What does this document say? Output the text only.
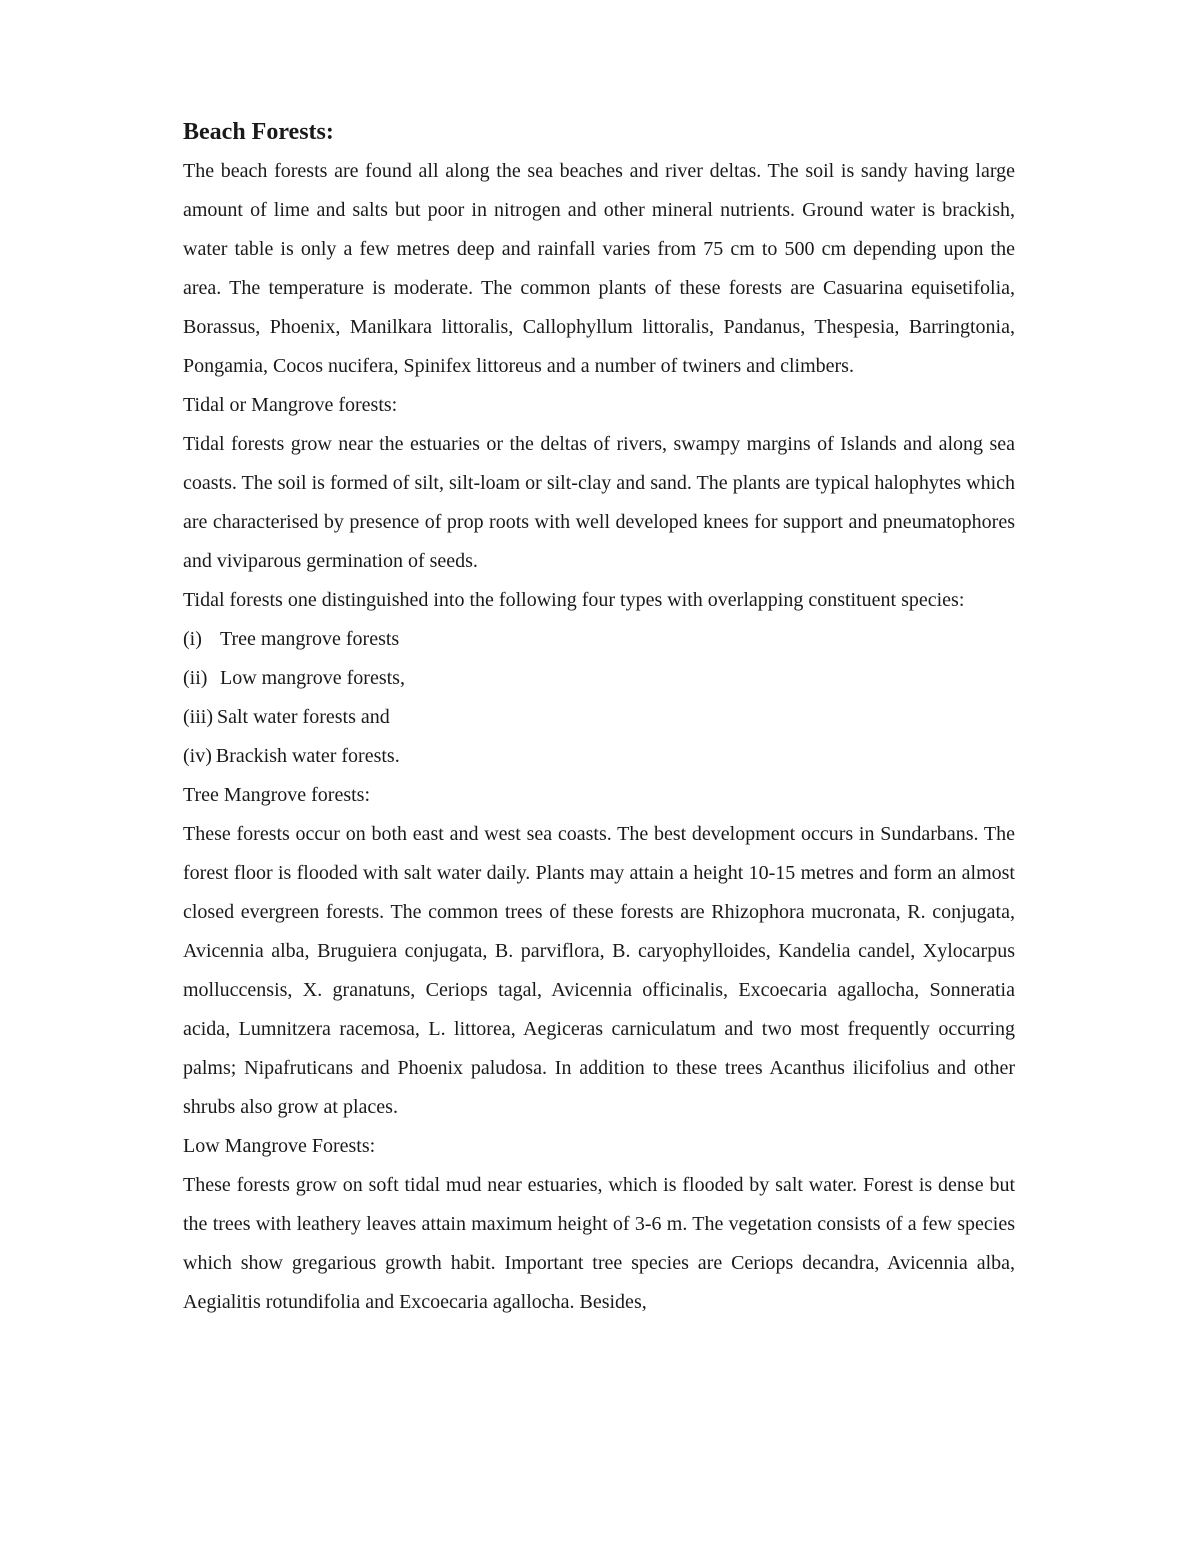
Beach Forests:

The beach forests are found all along the sea beaches and river deltas. The soil is sandy having large amount of lime and salts but poor in nitrogen and other mineral nutrients. Ground water is brackish, water table is only a few metres deep and rainfall varies from 75 cm to 500 cm depending upon the area. The temperature is moderate. The common plants of these forests are Casuarina equisetifolia, Borassus, Phoenix, Manilkara littoralis, Callophyllum littoralis, Pandanus, Thespesia, Barringtonia, Pongamia, Cocos nucifera, Spinifex littoreus and a number of twiners and climbers.

Tidal or Mangrove forests:

Tidal forests grow near the estuaries or the deltas of rivers, swampy margins of Islands and along sea coasts. The soil is formed of silt, silt-loam or silt-clay and sand. The plants are typical halophytes which are characterised by presence of prop roots with well developed knees for support and pneumatophores and viviparous germination of seeds.

Tidal forests one distinguished into the following four types with overlapping constituent species:

(i) Tree mangrove forests

(ii) Low mangrove forests,

(iii) Salt water forests and

(iv) Brackish water forests.

Tree Mangrove forests:

These forests occur on both east and west sea coasts. The best development occurs in Sundarbans. The forest floor is flooded with salt water daily. Plants may attain a height 10-15 metres and form an almost closed evergreen forests. The common trees of these forests are Rhizophora mucronata, R. conjugata, Avicennia alba, Bruguiera conjugata, B. parviflora, B. caryophylloides, Kandelia candel, Xylocarpus molluccensis, X. granatuns, Ceriops tagal, Avicennia officinalis, Excoecaria agallocha, Sonneratia acida, Lumnitzera racemosa, L. littorea, Aegiceras carniculatum and two most frequently occurring palms; Nipafruticans and Phoenix paludosa. In addition to these trees Acanthus ilicifolius and other shrubs also grow at places.

Low Mangrove Forests:

These forests grow on soft tidal mud near estuaries, which is flooded by salt water. Forest is dense but the trees with leathery leaves attain maximum height of 3-6 m. The vegetation consists of a few species which show gregarious growth habit. Important tree species are Ceriops decandra, Avicennia alba, Aegialitis rotundifolia and Excoecaria agallocha. Besides,
